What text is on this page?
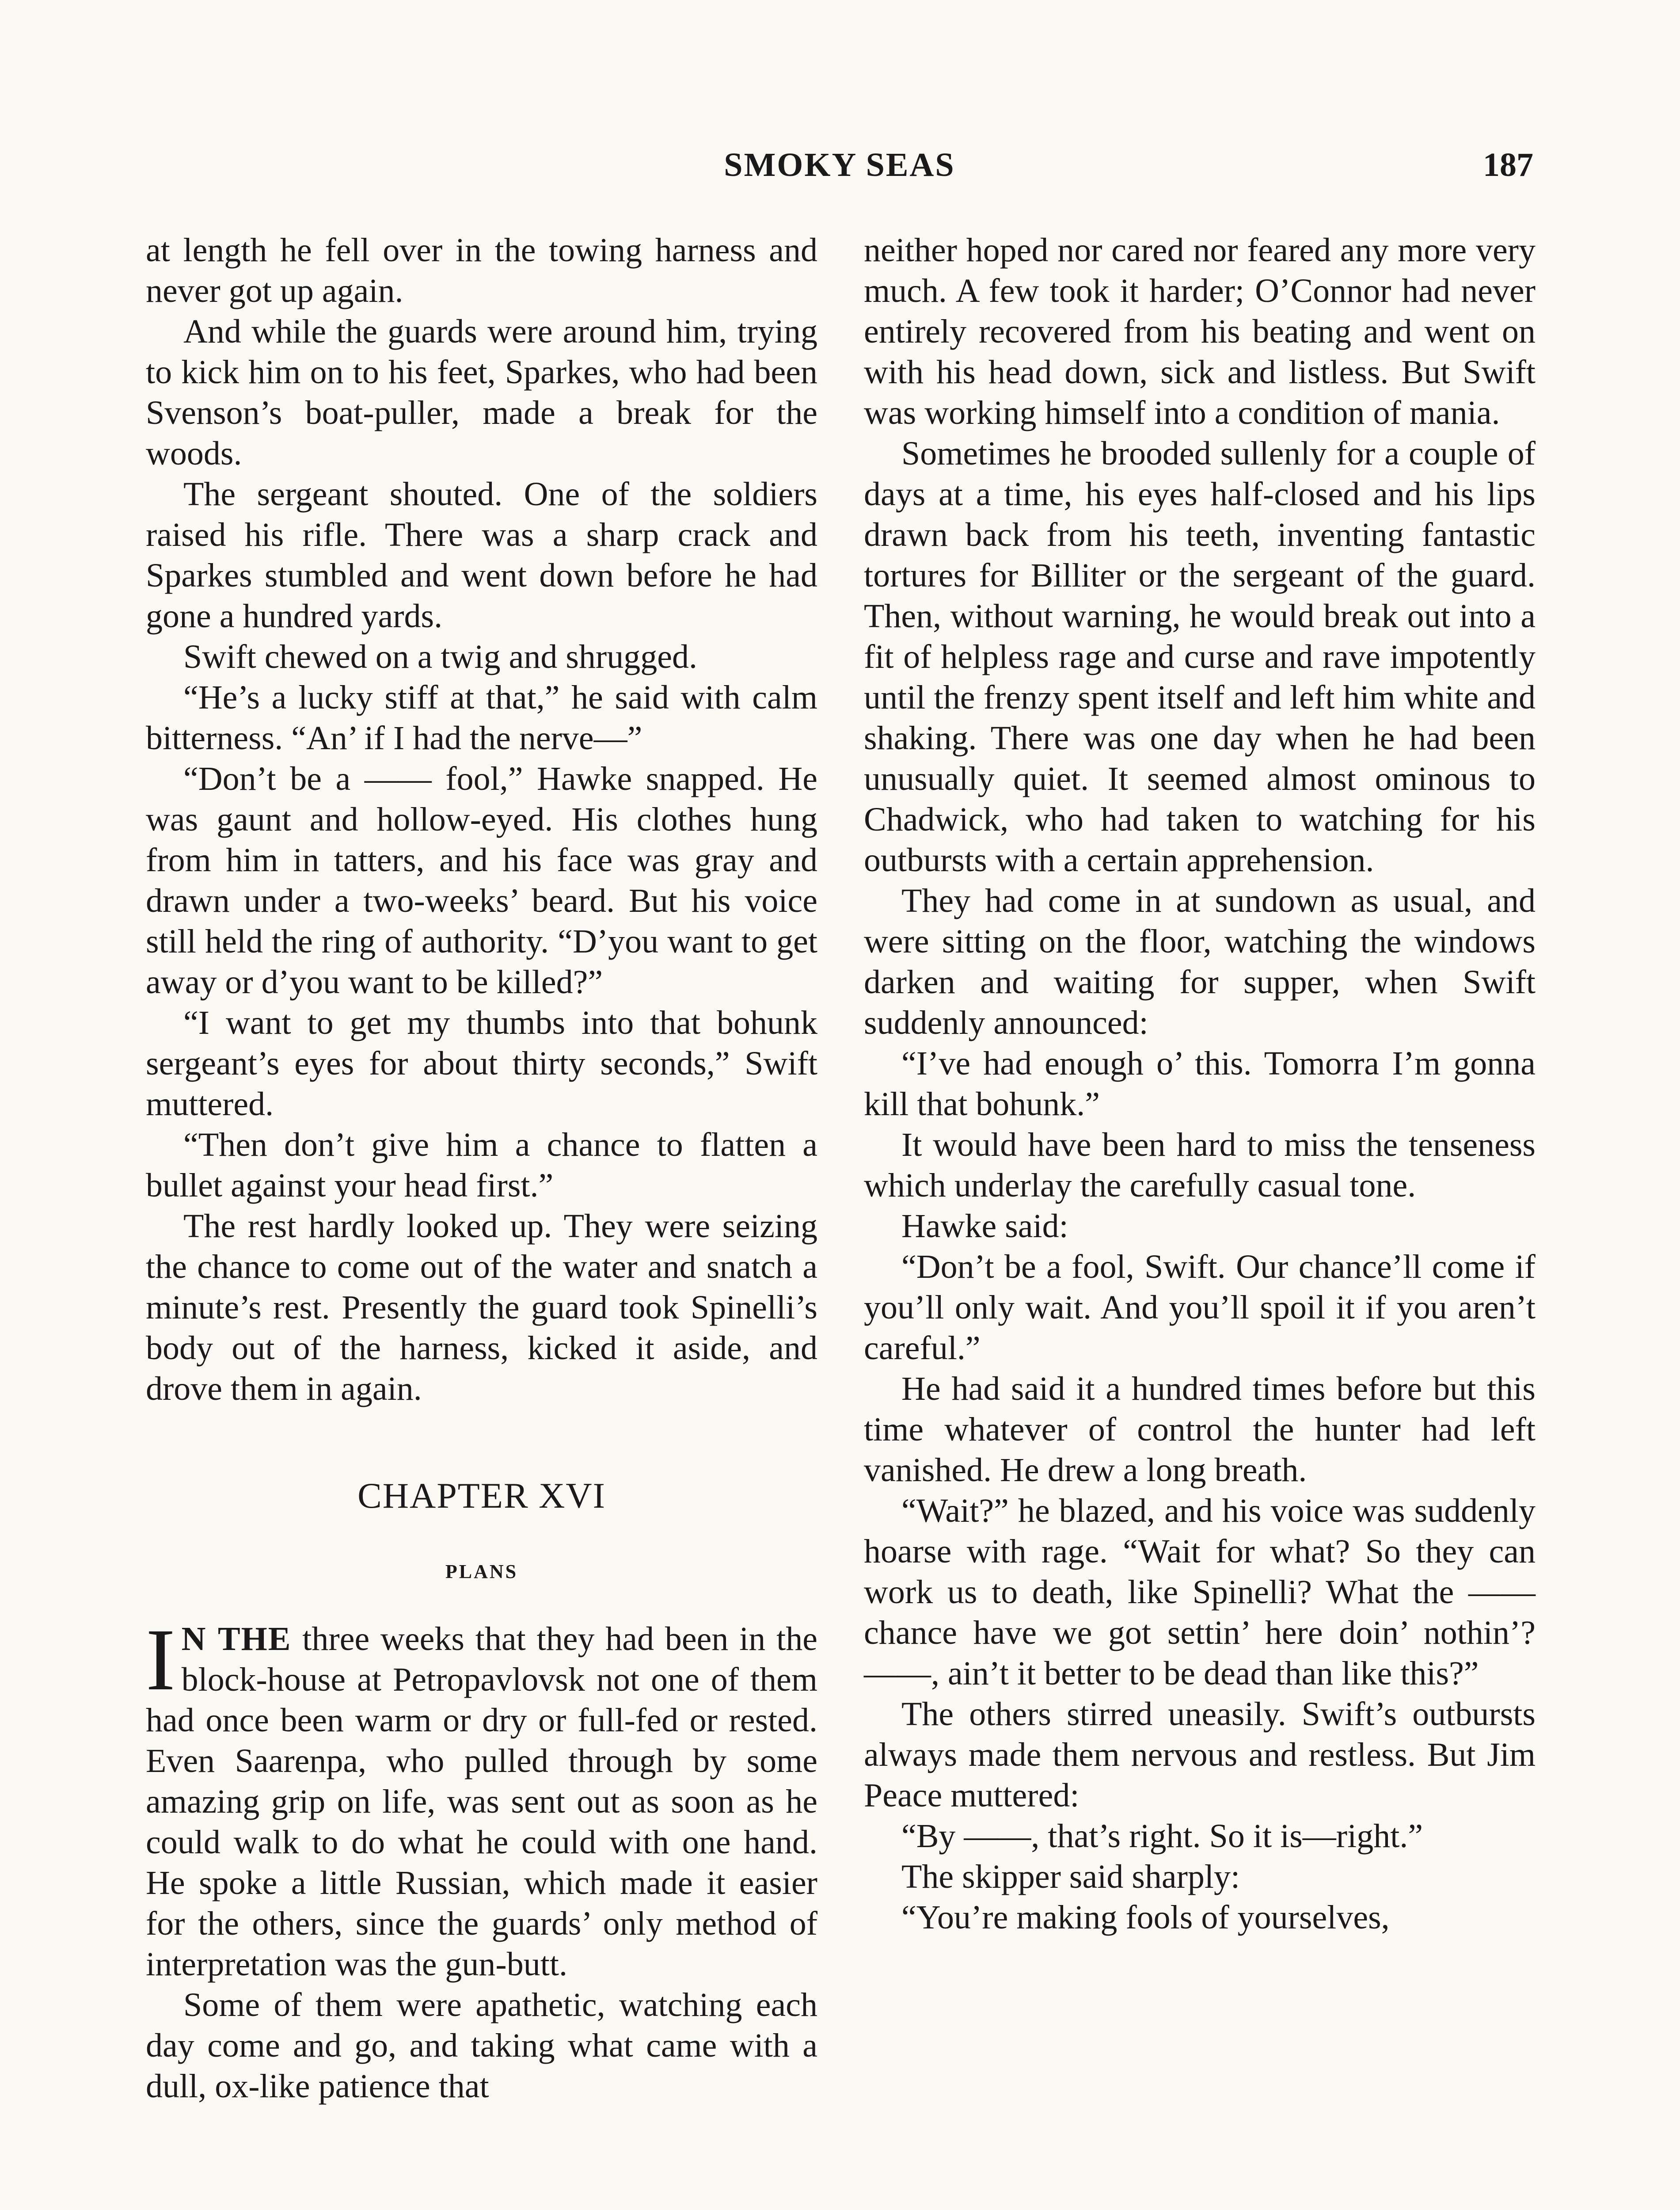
SMOKY SEAS	187

at length he fell over in the towing harness and never got up again.

And while the guards were around him, trying to kick him on to his feet, Sparkes, who had been Svenson’s boat-puller, made a break for the woods.

The sergeant shouted. One of the soldiers raised his rifle. There was a sharp crack and Sparkes stumbled and went down before he had gone a hundred yards.

Swift chewed on a twig and shrugged.

“He’s a lucky stiff at that,” he said with calm bitterness. “An’ if I had the nerve—”

“Don’t be a —— fool,” Hawke snapped. He was gaunt and hollow-eyed. His clothes hung from him in tatters, and his face was gray and drawn under a two-weeks’ beard. But his voice still held the ring of authority. “D’you want to get away or d’you want to be killed?”

“I want to get my thumbs into that bohunk sergeant’s eyes for about thirty seconds,” Swift muttered.

“Then don’t give him a chance to flatten a bullet against your head first.”

The rest hardly looked up. They were seizing the chance to come out of the water and snatch a minute’s rest. Presently the guard took Spinelli’s body out of the harness, kicked it aside, and drove them in again.

CHAPTER XVI
PLANS

I N THE three weeks that they had been in the block-house at Petropavlovsk not one of them had once been warm or dry or full-fed or rested. Even Saarenpa, who pulled through by some amazing grip on life, was sent out as soon as he could walk to do what he could with one hand. He spoke a little Russian, which made it easier for the others, since the guards’ only method of interpretation was the gun-butt.

Some of them were apathetic, watching each day come and go, and taking what came with a dull, ox-like patience that

neither hoped nor cared nor feared any more very much. A few took it harder; O’Connor had never entirely recovered from his beating and went on with his head down, sick and listless. But Swift was working himself into a condition of mania.

Sometimes he brooded sullenly for a couple of days at a time, his eyes half-closed and his lips drawn back from his teeth, inventing fantastic tortures for Billiter or the sergeant of the guard. Then, without warning, he would break out into a fit of helpless rage and curse and rave impotently until the frenzy spent itself and left him white and shaking. There was one day when he had been unusually quiet. It seemed almost ominous to Chadwick, who had taken to watching for his outbursts with a certain apprehension.

They had come in at sundown as usual, and were sitting on the floor, watching the windows darken and waiting for supper, when Swift suddenly announced:

“I’ve had enough o’ this. Tomorra I’m gonna kill that bohunk.”

It would have been hard to miss the tenseness which underlay the carefully casual tone.

Hawke said:

“Don’t be a fool, Swift. Our chance’ll come if you’ll only wait. And you’ll spoil it if you aren’t careful.”

He had said it a hundred times before but this time whatever of control the hunter had left vanished. He drew a long breath.

“Wait?” he blazed, and his voice was suddenly hoarse with rage. “Wait for what? So they can work us to death, like Spinelli? What the —— chance have we got settin’ here doin’ nothin’? ——, ain’t it better to be dead than like this?”

The others stirred uneasily. Swift’s outbursts always made them nervous and restless. But Jim Peace muttered:

“By ——, that’s right. So it is—right.”

The skipper said sharply:

“You’re making fools of yourselves,
